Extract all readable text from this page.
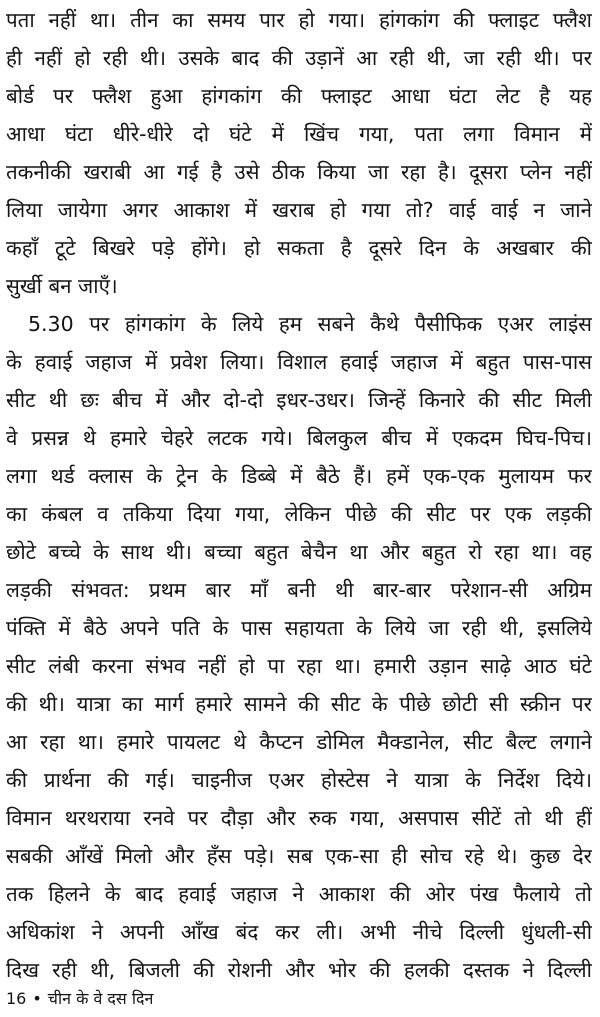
पता नहीं था। तीन का समय पार हो गया। हांगकांग की फ्लाइट फ्लैश
ही नहीं हो रही थी। उसके बाद की उड़ानें आ रही थी, जा रही थी। पर
बोर्ड पर फ्लैश हुआ हांगकांग की फ्लाइट आधा घंटा लेट है यह
आधा घंटा धीरे-धीरे दो घंटे में खिंच गया, पता लगा विमान में
तकनीकी खराबी आ गई है उसे ठीक किया जा रहा है। दूसरा प्लेन नहीं
लिया जायेगा अगर आकाश में खराब हो गया तो? वाई वाई न जाने
कहाँ टूटे बिखरे पड़े होंगे। हो सकता है दूसरे दिन के अखबार की
सुर्खी बन जाएँ।
5.30 पर हांगकांग के लिये हम सबने कैथे पैसीफिक एअर लाइंस
के हवाई जहाज में प्रवेश लिया। विशाल हवाई जहाज में बहुत पास-पास
सीट थी छः बीच में और दो-दो इधर-उधर। जिन्हें किनारे की सीट मिली
वे प्रसन्न थे हमारे चेहरे लटक गये। बिलकुल बीच में एकदम घिच-पिच।
लगा थर्ड क्लास के ट्रेन के डिब्बे में बैठे हैं। हमें एक-एक मुलायम फर
का कंबल व तकिया दिया गया, लेकिन पीछे की सीट पर एक लड़की
छोटे बच्चे के साथ थी। बच्चा बहुत बेचैन था और बहुत रो रहा था। वह
लड़की संभवत: प्रथम बार माँ बनी थी बार-बार परेशान-सी अग्रिम
पंक्ति में बैठे अपने पति के पास सहायता के लिये जा रही थी, इसलिये
सीट लंबी करना संभव नहीं हो पा रहा था। हमारी उड़ान साढ़े आठ घंटे
की थी। यात्रा का मार्ग हमारे सामने की सीट के पीछे छोटी सी स्क्रीन पर
आ रहा था। हमारे पायलट थे कैप्टन डोमिल मैक्डानेल, सीट बैल्ट लगाने
की प्रार्थना की गई। चाइनीज एअर होस्टेस ने यात्रा के निर्देश दिये।
विमान थरथराया रनवे पर दौड़ा और रुक गया, असपास सीटें तो थी हीं
सबकी आँखें मिलो और हँस पड़े। सब एक-सा ही सोच रहे थे। कुछ देर
तक हिलने के बाद हवाई जहाज ने आकाश की ओर पंख फैलाये तो
अधिकांश ने अपनी आँख बंद कर ली। अभी नीचे दिल्ली धुंधली-सी
दिख रही थी, बिजली की रोशनी और भोर की हलकी दस्तक ने दिल्ली
16 • चीन के वे दस दिन
